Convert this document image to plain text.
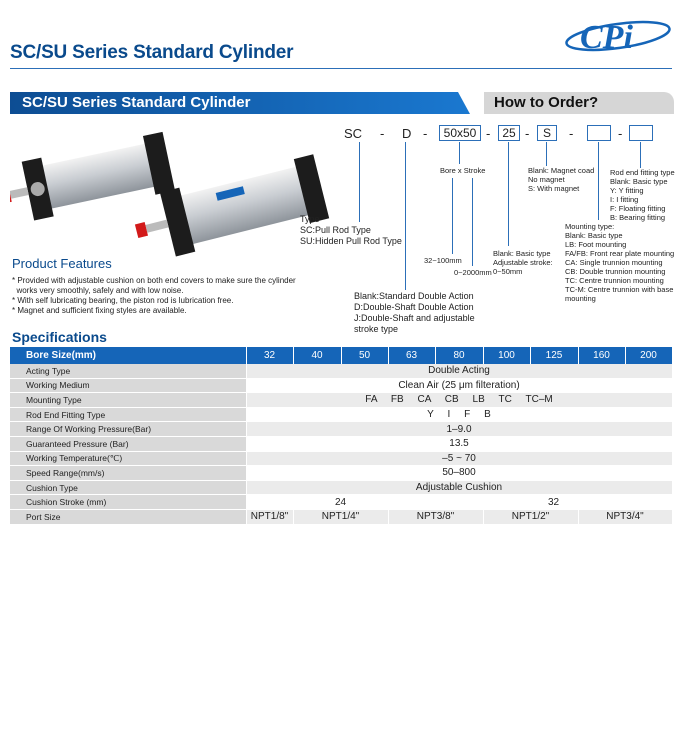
SC/SU Series Standard Cylinder	CPi
SC/SU Series Standard Cylinder	How to Order?
SC - D -	50x50 - 25 -	S	-	-
Type
SC:Pull Rod Type
SU:Hidden Pull Rod Type
Bore x Stroke
32~100mm
0~2000mm
Blank:Standard Double Action
D:Double-Shaft Double Action
J:Double-Shaft and adjustable
stroke type
Blank: Basic type
Adjustable stroke:
0~50mm
Blank: Magnet coad
No magnet
S: With magnet
Rod end fitting type
Blank: Basic type
Y: Y fitting
I: I fitting
F: Floating fitting
B: Bearing fitting
Mounting type:
Blank: Basic type
LB: Foot mounting
FA/FB: Front rear plate mounting
CA: Single trunnion mounting
CB: Double trunnion mounting
TC: Centre trunnion mounting
TC-M: Centre trunnion with base
mounting
Product Features
* Provided with adjustable cushion on both end covers to make sure the cylinder
works very smoothly, safely and with low noise.
* With self lubricating bearing, the piston rod is lubrication free.
* Magnet and sufficient fixing styles are available.
Specifications
Bore Size(mm)	32	40	50	63	80	100	125	160	200
Acting Type	Double Acting								
Working Medium	Clean Air (25 μm filteration)								
Mounting Type	FA     FB     CA     CB     LB     TC     TC–M								
Rod End Fitting Type	Y     I     F     B								
Range Of Working Pressure(Bar)	1–9.0								
Guaranteed Pressure (Bar)	13.5								
Working Temperature(℃)	–5 ~ 70								
Speed Range(mm/s)	50–800								
Cushion Type	Adjustable Cushion								
Cushion Stroke (mm)	24				32				
Port Size	NPT1/8"	NPT1/4"		NPT3/8"		NPT1/2"		NPT3/4"	
